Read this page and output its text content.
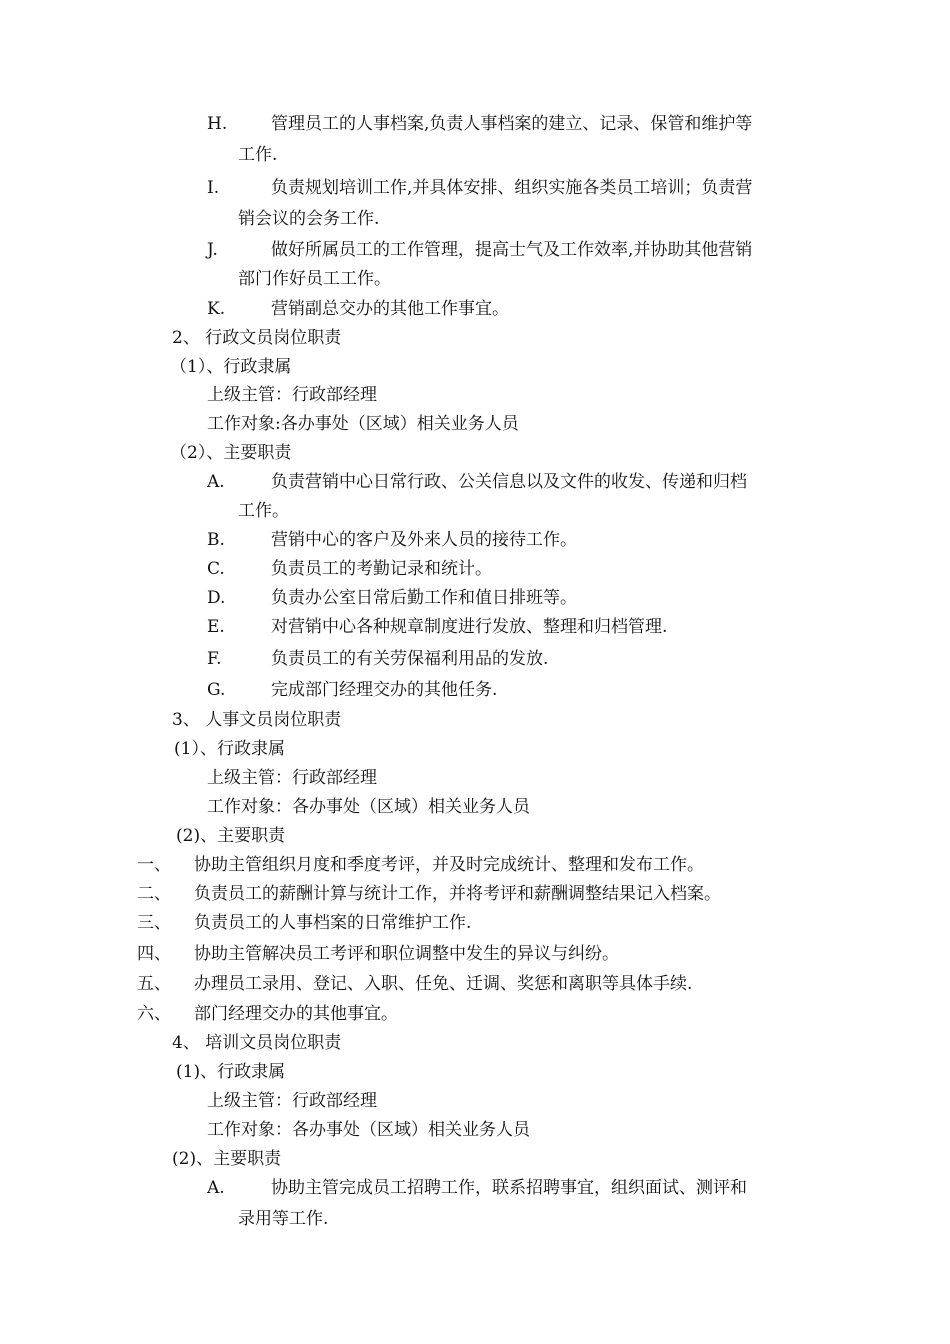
H.	管理员工的人事档案,负责人事档案的建立、记录、保管和维护等
工作.
I.	负责规划培训工作,并具体安排、组织实施各类员工培训；负责营
销会议的会务工作.
J.	做好所属员工的工作管理，提高士气及工作效率,并协助其他营销
部门作好员工工作。
K.	营销副总交办的其他工作事宜。
2、 行政文员岗位职责
（1）、行政隶属
上级主管：行政部经理
工作对象:各办事处（区域）相关业务人员
（2）、主要职责
A.	负责营销中心日常行政、公关信息以及文件的收发、传递和归档
工作。
B.	营销中心的客户及外来人员的接待工作。
C.	负责员工的考勤记录和统计。
D.	负责办公室日常后勤工作和值日排班等。
E.	对营销中心各种规章制度进行发放、整理和归档管理.
F.	负责员工的有关劳保福利用品的发放.
G.	完成部门经理交办的其他任务.
3、 人事文员岗位职责
(1）、行政隶属
上级主管：行政部经理
工作对象：各办事处（区域）相关业务人员
(2)、主要职责
一、 协助主管组织月度和季度考评，并及时完成统计、整理和发布工作。
二、 负责员工的薪酬计算与统计工作，并将考评和薪酬调整结果记入档案。
三、 负责员工的人事档案的日常维护工作.
四、 协助主管解决员工考评和职位调整中发生的异议与纠纷。
五、 办理员工录用、登记、入职、任免、迁调、奖惩和离职等具体手续.
六、 部门经理交办的其他事宜。
4、 培训文员岗位职责
(1)、行政隶属
上级主管：行政部经理
工作对象：各办事处（区域）相关业务人员
(2)、主要职责
A.	协助主管完成员工招聘工作，联系招聘事宜，组织面试、测评和
录用等工作.
